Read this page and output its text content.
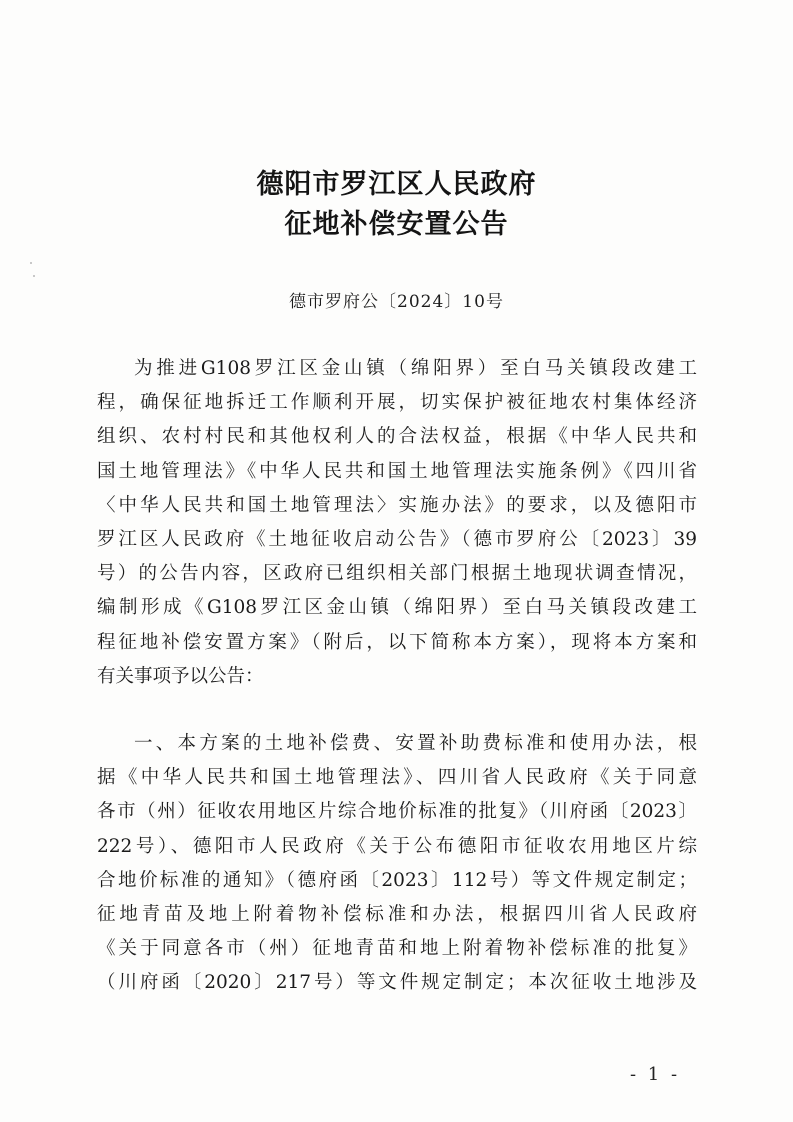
德阳市罗江区人民政府
征地补偿安置公告
德市罗府公〔2024〕10号
为推进G108罗江区金山镇（绵阳界）至白马关镇段改建工
程，确保征地拆迁工作顺利开展，切实保护被征地农村集体经济
组织、农村村民和其他权利人的合法权益，根据《中华人民共和
国土地管理法》《中华人民共和国土地管理法实施条例》《四川省
〈中华人民共和国土地管理法〉实施办法》的要求，以及德阳市
罗江区人民政府《土地征收启动公告》（德市罗府公〔2023〕39
号）的公告内容，区政府已组织相关部门根据土地现状调查情况，
编制形成《G108罗江区金山镇（绵阳界）至白马关镇段改建工
程征地补偿安置方案》（附后，以下简称本方案），现将本方案和
有关事项予以公告：
一、本方案的土地补偿费、安置补助费标准和使用办法，根
据《中华人民共和国土地管理法》、四川省人民政府《关于同意
各市（州）征收农用地区片综合地价标准的批复》（川府函〔2023〕
222号）、德阳市人民政府《关于公布德阳市征收农用地区片综
合地价标准的通知》（德府函〔2023〕112号）等文件规定制定；
征地青苗及地上附着物补偿标准和办法，根据四川省人民政府
《关于同意各市（州）征地青苗和地上附着物补偿标准的批复》
（川府函〔2020〕217号）等文件规定制定；本次征收土地涉及
- 1 -
